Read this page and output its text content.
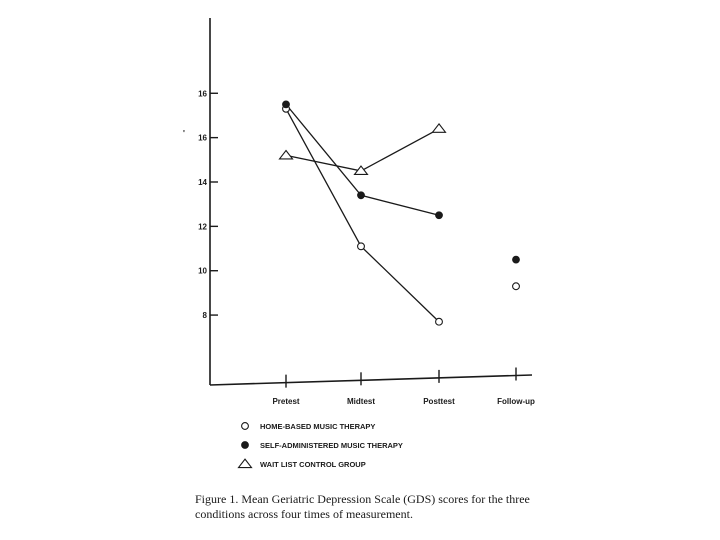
8
10
12
14
16
16
Pretest	Midtest	Posttest	Follow-up
HOME-BASED MUSIC THERAPY
SELF-ADMINISTERED MUSIC THERAPY
WAIT LIST CONTROL GROUP
'
Figure 1. Mean Geriatric Depression Scale (GDS) scores for the three conditions across four times of measurement.
